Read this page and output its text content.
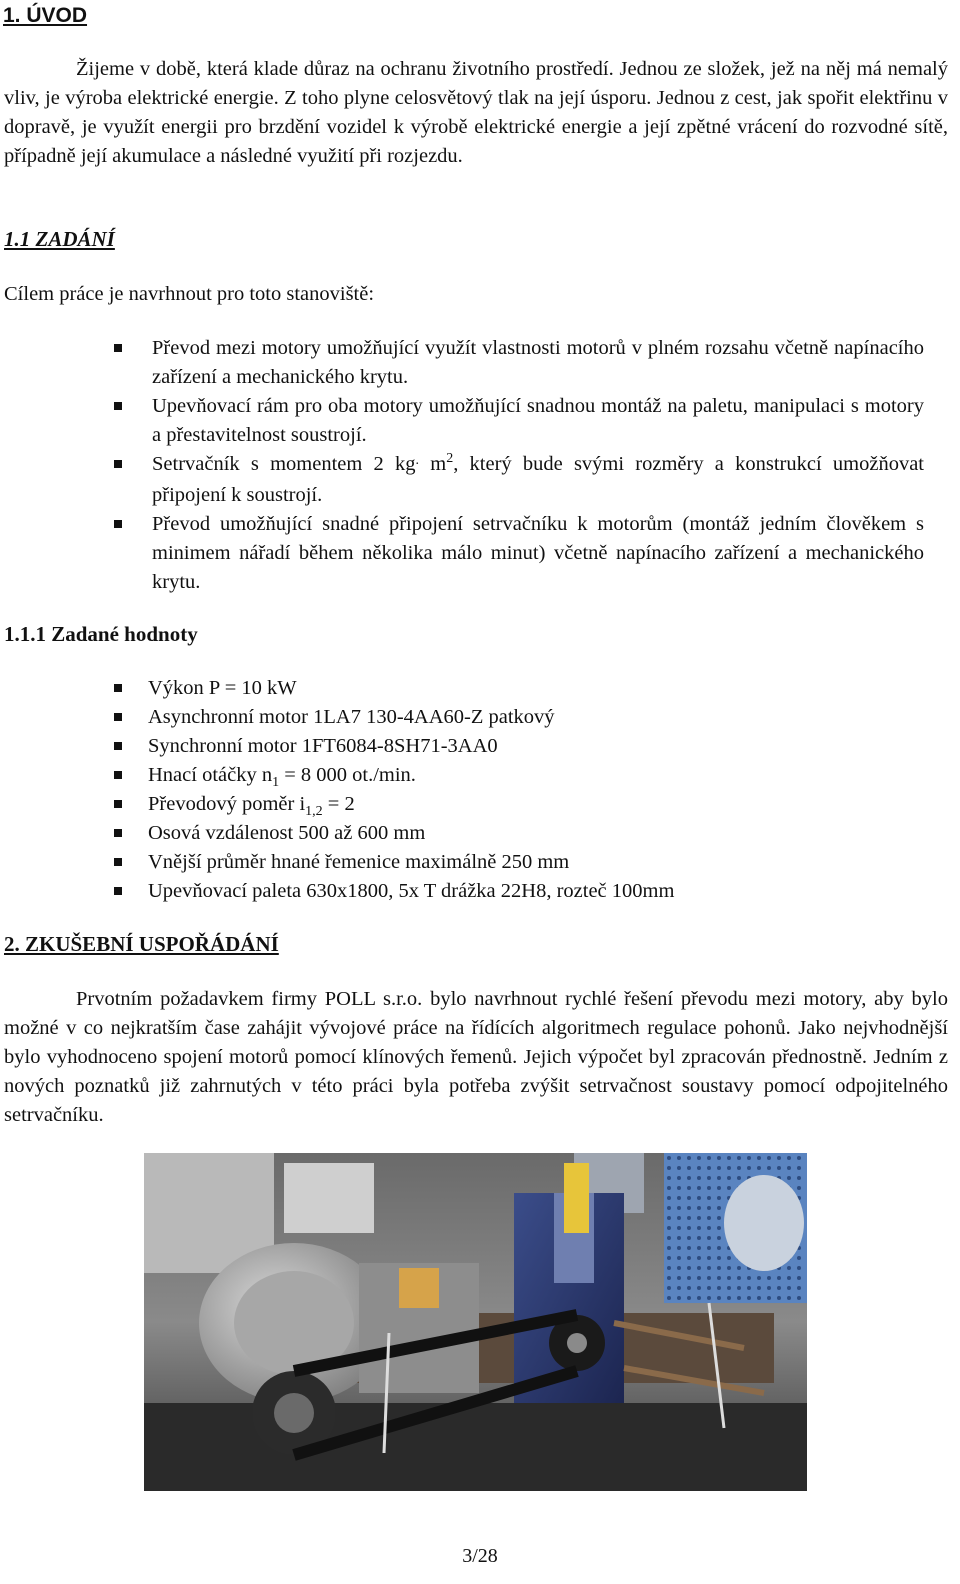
1. ÚVOD

Žijeme v době, která klade důraz na ochranu životního prostředí. Jednou ze složek, jež na něj má nemalý vliv, je výroba elektrické energie. Z toho plyne celosvětový tlak na její úsporu. Jednou z cest, jak spořit elektřinu v dopravě, je využít energii pro brzdění vozidel k výrobě elektrické energie a její zpětné vrácení do rozvodné sítě, případně její akumulace a následné využití při rozjezdu.

1.1 ZADÁNÍ

Cílem práce je navrhnout pro toto stanoviště:

Převod mezi motory umožňující využít vlastnosti motorů v plném rozsahu včetně napínacího zařízení a mechanického krytu.
Upevňovací rám pro oba motory umožňující snadnou montáž na paletu, manipulaci s motory a přestavitelnost soustrojí.
Setrvačník s momentem 2 kg. $m^2$, který bude svými rozměry a konstrukcí umožňovat připojení k soustrojí.
Převod umožňující snadné připojení setrvačníku k motorům (montáž jedním člověkem s minimem nářadí během několika málo minut) včetně napínacího zařízení a mechanického krytu.
1.1.1 Zadané hodnoty
Výkon P = 10 kW
Asynchronní motor 1LA7 130-4AA60-Z patkový
Synchronní motor 1FT6084-8SH71-3AA0
Hnací otáčky $n_1 = 8$ 000 ot./min.
Převodový poměr $i_{1,2} = 2$
Osová vzdálenost 500 až 600 mm
Vnější průměr hnané řemenice maximálně 250 mm
Upevňovací paleta 630x1800, 5x T drážka 22H8, rozteč 100mm
2. ZKUŠEBNÍ USPOŘÁDÁNÍ

Prvotním požadavkem firmy POLL s.r.o. bylo navrhnout rychlé řešení převodu mezi motory, aby bylo možné v co nejkratším čase zahájit vývojové práce na řídících algoritmech regulace pohonů. Jako nejvhodnější bylo vyhodnoceno spojení motorů pomocí klínových řemenů. Jejich výpočet byl zpracován přednostně. Jedním z nových poznatků již zahrnutých v této práci byla potřeba zvýšit setrvačnost soustavy pomocí odpojitelného setrvačníku.

3/28
